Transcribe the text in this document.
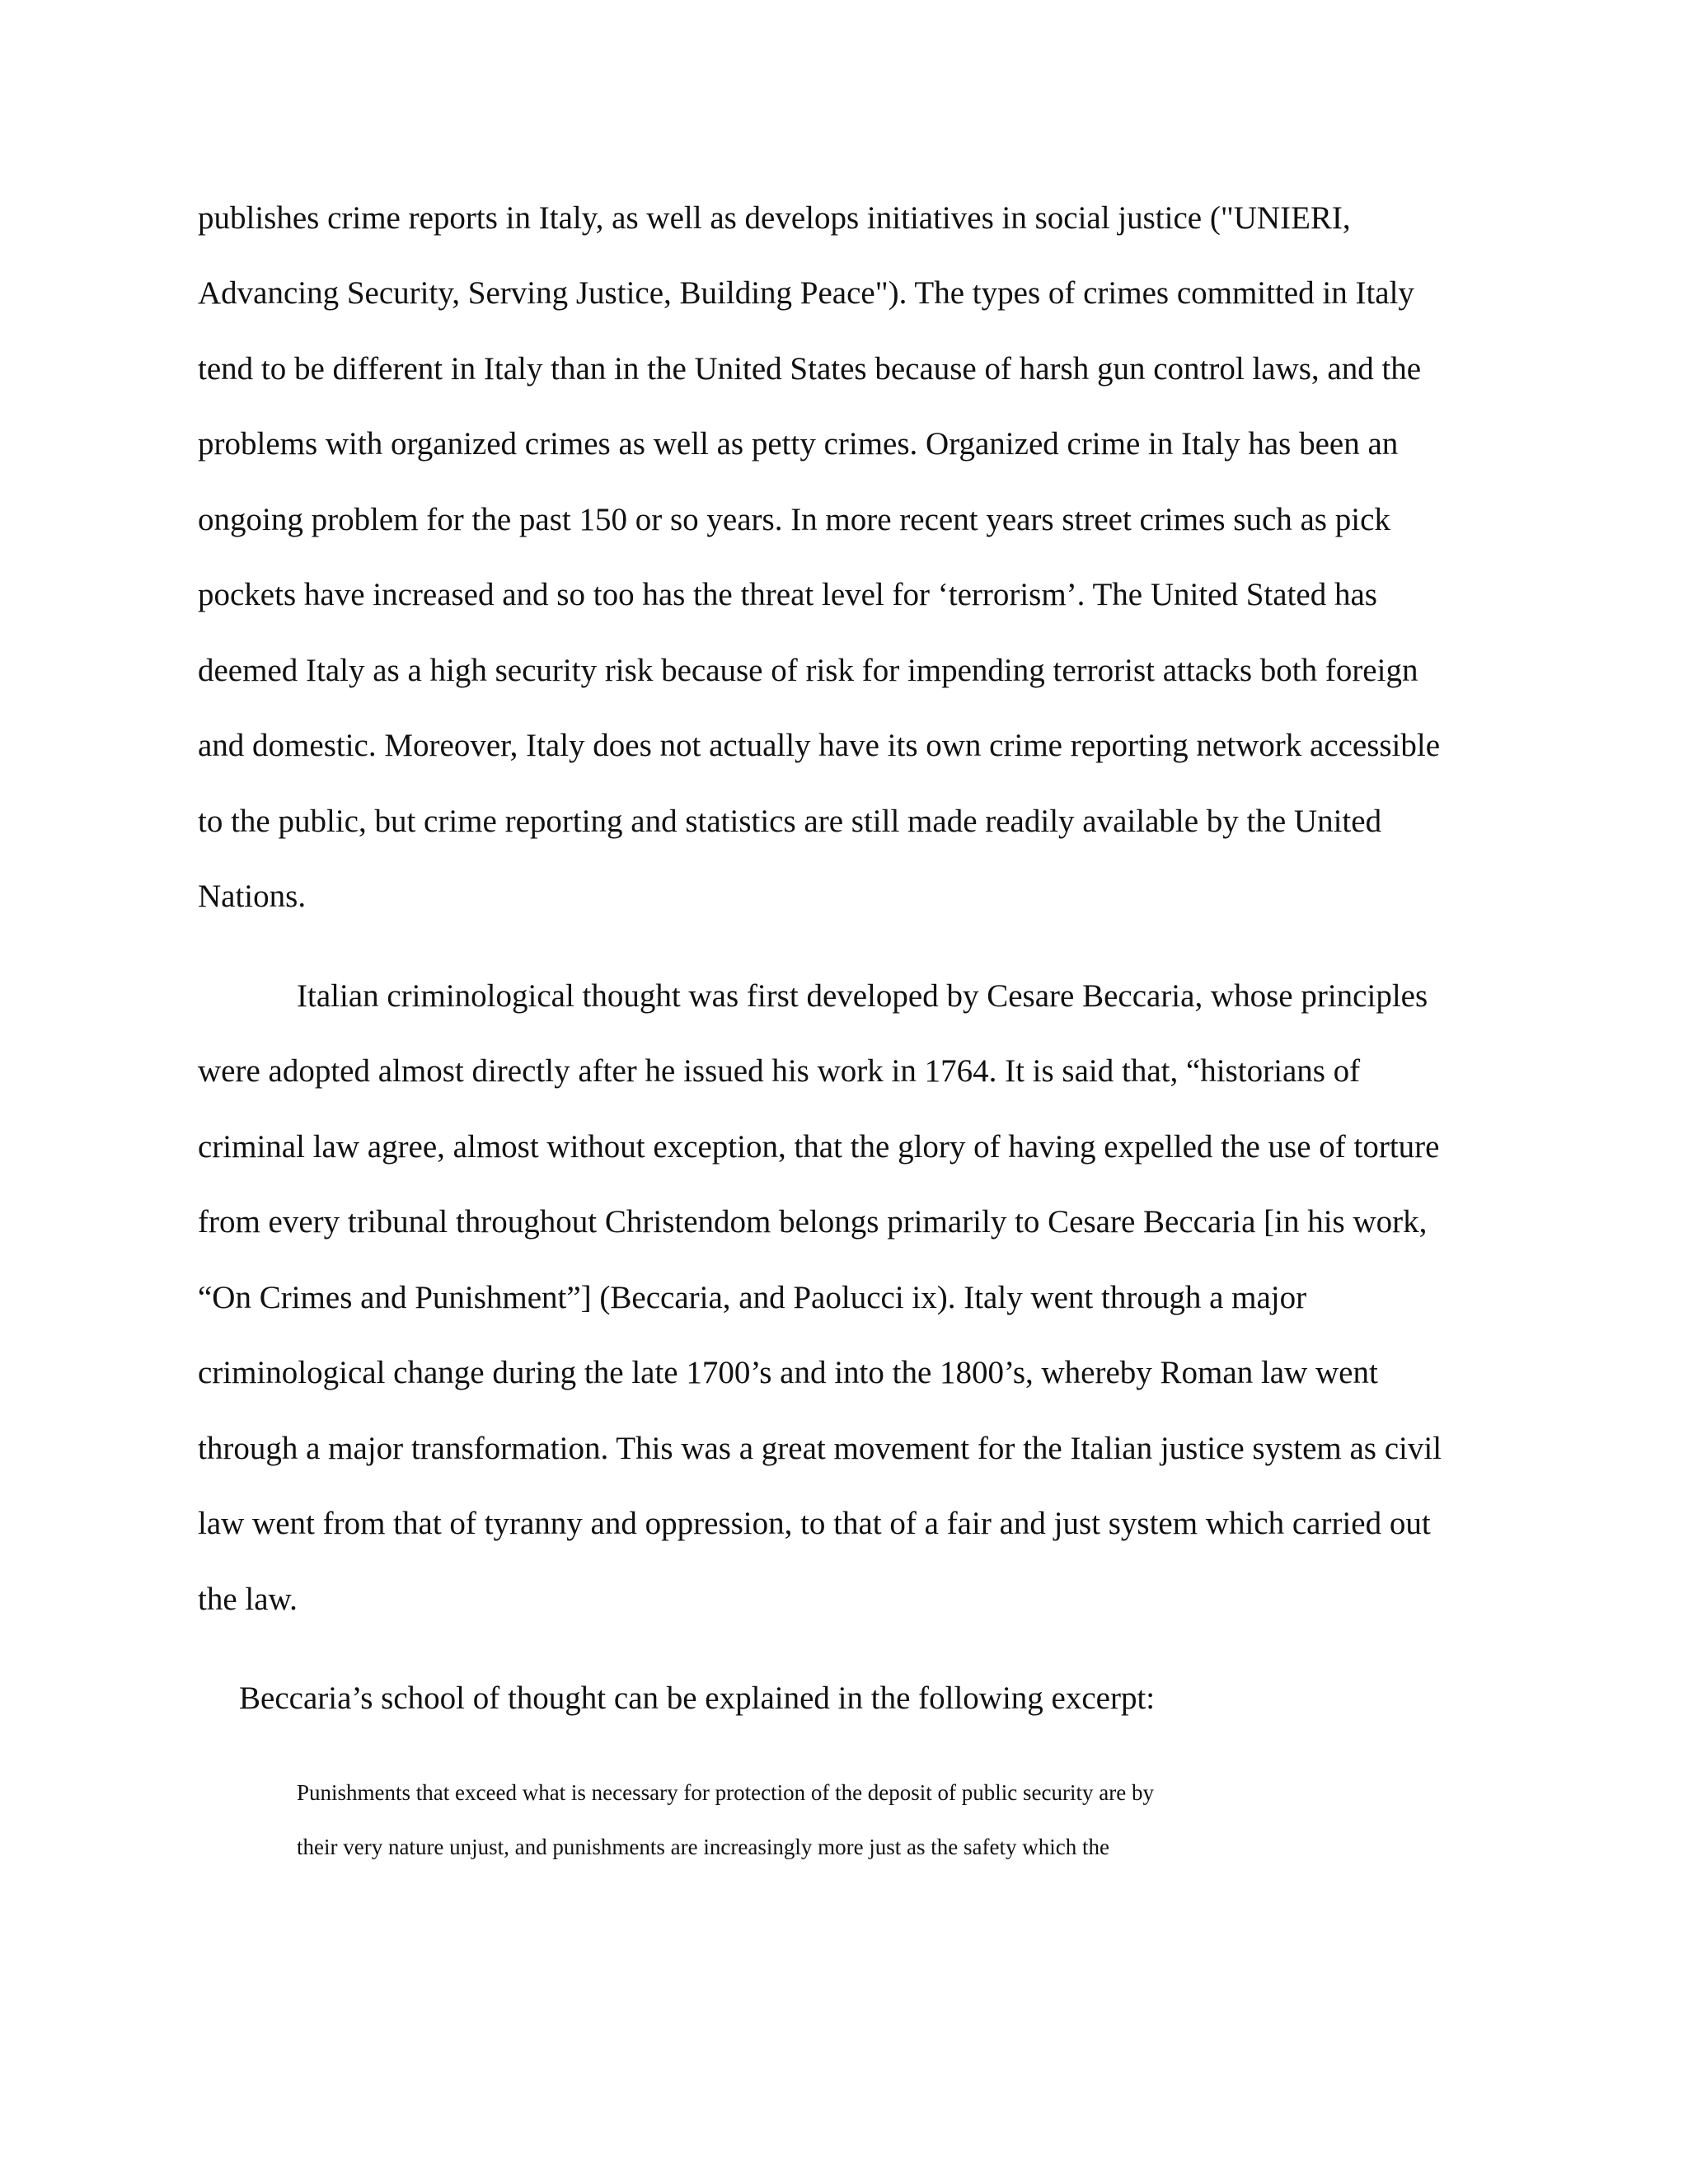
publishes crime reports in Italy, as well as develops initiatives in social justice ("UNIERI,
Advancing Security, Serving Justice, Building Peace"). The types of crimes committed in Italy
tend to be different in Italy than in the United States because of harsh gun control laws, and the
problems with organized crimes as well as petty crimes. Organized crime in Italy has been an
ongoing problem for the past 150 or so years. In more recent years street crimes such as pick
pockets have increased and so too has the threat level for ‘terrorism’. The United Stated has
deemed Italy as a high security risk because of risk for impending terrorist attacks both foreign
and domestic. Moreover, Italy does not actually have its own crime reporting network accessible
to the public, but crime reporting and statistics are still made readily available by the United
Nations.
Italian criminological thought was first developed by Cesare Beccaria, whose principles
were adopted almost directly after he issued his work in 1764. It is said that, “historians of
criminal law agree, almost without exception, that the glory of having expelled the use of torture
from every tribunal throughout Christendom belongs primarily to Cesare Beccaria [in his work,
“On Crimes and Punishment”] (Beccaria, and Paolucci ix). Italy went through a major
criminological change during the late 1700’s and into the 1800’s, whereby Roman law went
through a major transformation. This was a great movement for the Italian justice system as civil
law went from that of tyranny and oppression, to that of a fair and just system which carried out
the law.
Beccaria’s school of thought can be explained in the following excerpt:
Punishments that exceed what is necessary for protection of the deposit of public security are by
their very nature unjust, and punishments are increasingly more just as the safety which the
